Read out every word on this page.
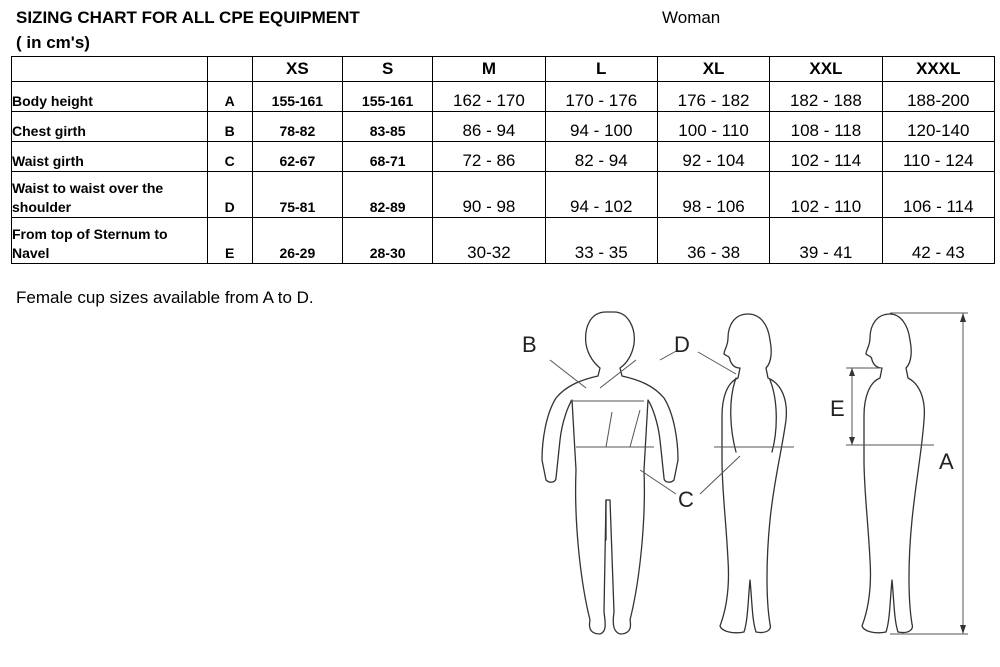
SIZING CHART FOR ALL CPE EQUIPMENT
( in cm's)
Woman
		XS	S	M	L	XL	XXL	XXXL
Body height	A	155-161	155-161	162 - 170	170 - 176	176 - 182	182 - 188	188-200
Chest girth	B	78-82	83-85	86 - 94	94 - 100	100 - 110	108 - 118	120-140
Waist girth	C	62-67	68-71	72 - 86	82 - 94	92 - 104	102 - 114	110 - 124

Waist to waist over the
shoulder	D	75-81	82-89	90 - 98	94 - 102	98 - 106	102 - 110	106 - 114

From top of Sternum to
Navel	E	26-29	28-30	30-32	33 - 35	36 - 38	39 - 41	42 - 43
Female cup sizes available from A to D.
B	D
C
E
A
